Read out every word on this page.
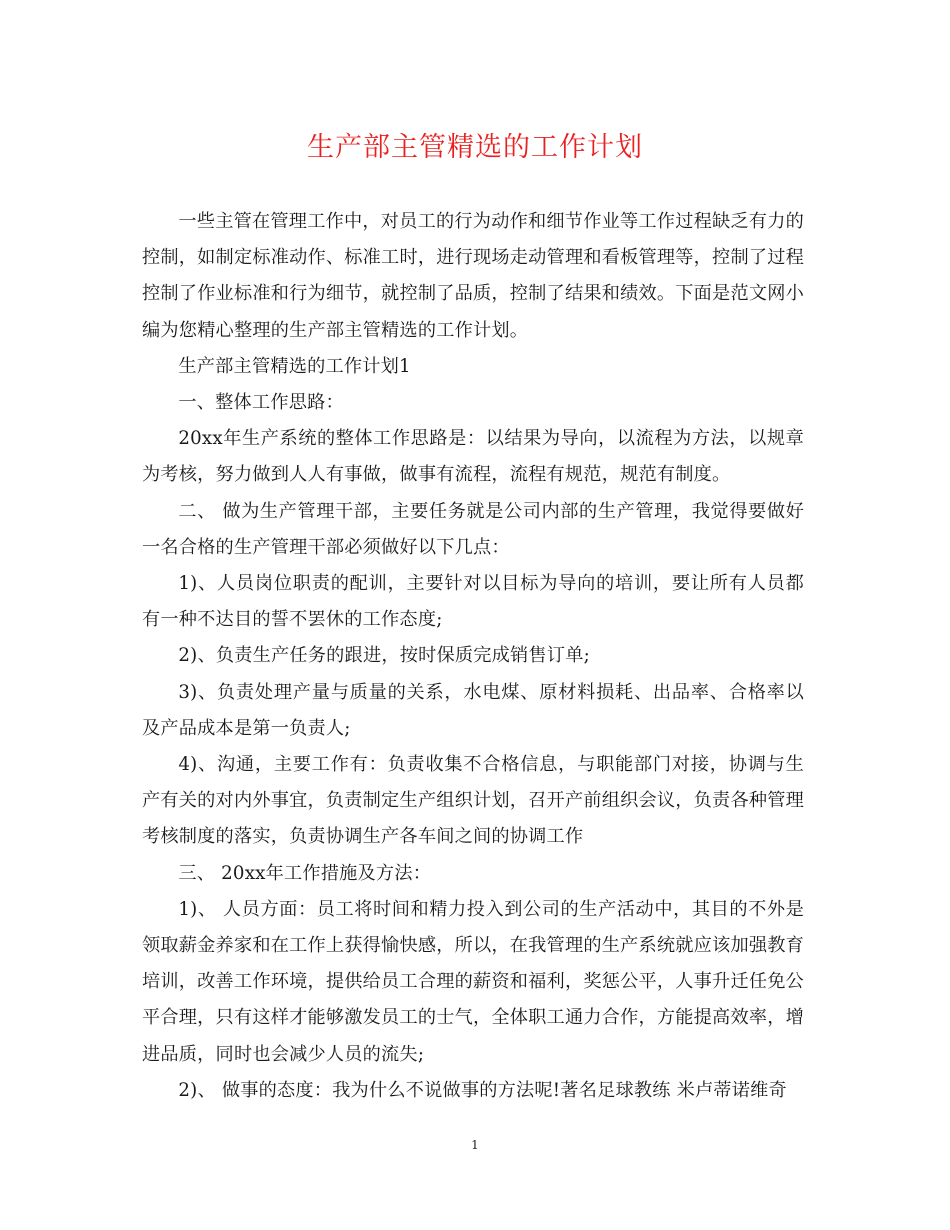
生产部主管精选的工作计划

一些主管在管理工作中，对员工的行为动作和细节作业等工作过程缺乏有力的控制，如制定标准动作、标准工时，进行现场走动管理和看板管理等，控制了过程控制了作业标准和行为细节，就控制了品质，控制了结果和绩效。下面是范文网小编为您精心整理的生产部主管精选的工作计划。

生产部主管精选的工作计划1

一、整体工作思路：

20xx年生产系统的整体工作思路是：以结果为导向，以流程为方法，以规章为考核，努力做到人人有事做，做事有流程，流程有规范，规范有制度。

二、 做为生产管理干部，主要任务就是公司内部的生产管理，我觉得要做好一名合格的生产管理干部必须做好以下几点：

1)、人员岗位职责的配训，主要针对以目标为导向的培训，要让所有人员都有一种不达目的誓不罢休的工作态度;

2)、负责生产任务的跟进，按时保质完成销售订单;

3)、负责处理产量与质量的关系，水电煤、原材料损耗、出品率、合格率以及产品成本是第一负责人;

4)、沟通，主要工作有：负责收集不合格信息，与职能部门对接，协调与生产有关的对内外事宜，负责制定生产组织计划，召开产前组织会议，负责各种管理考核制度的落实，负责协调生产各车间之间的协调工作

三、 20xx年工作措施及方法：

1)、 人员方面：员工将时间和精力投入到公司的生产活动中，其目的不外是领取薪金养家和在工作上获得愉快感，所以，在我管理的生产系统就应该加强教育培训，改善工作环境，提供给员工合理的薪资和福利，奖惩公平，人事升迁任免公平合理，只有这样才能够激发员工的士气，全体职工通力合作，方能提高效率，增进品质，同时也会减少人员的流失;

2)、 做事的态度：我为什么不说做事的方法呢!著名足球教练 米卢蒂诺维奇

1
